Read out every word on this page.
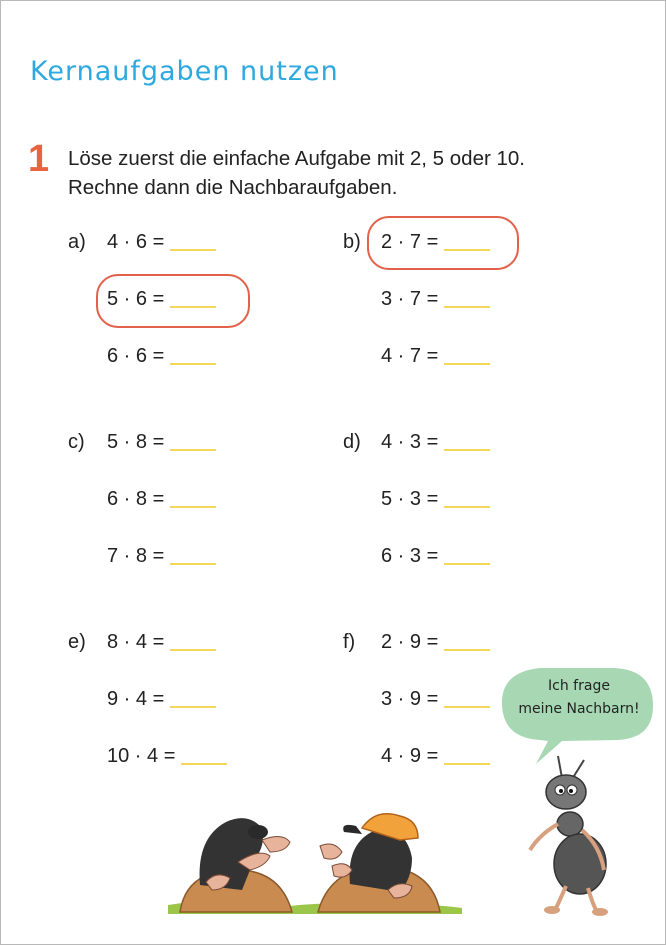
Kernaufgaben nutzen
1 Löse zuerst die einfache Aufgabe mit 2, 5 oder 10.
Rechne dann die Nachbaraufgaben.
a) 4 · 6 =
5 · 6 =
6 · 6 =
b) 2 · 7 =
3 · 7 =
4 · 7 =
c) 5 · 8 =
6 · 8 =
7 · 8 =
d) 4 · 3 =
5 · 3 =
6 · 3 =
e) 8 · 4 =
9 · 4 =
10 · 4 =
f) 2 · 9 =
3 · 9 =
4 · 9 =
Ich frage
meine Nachbarn!
